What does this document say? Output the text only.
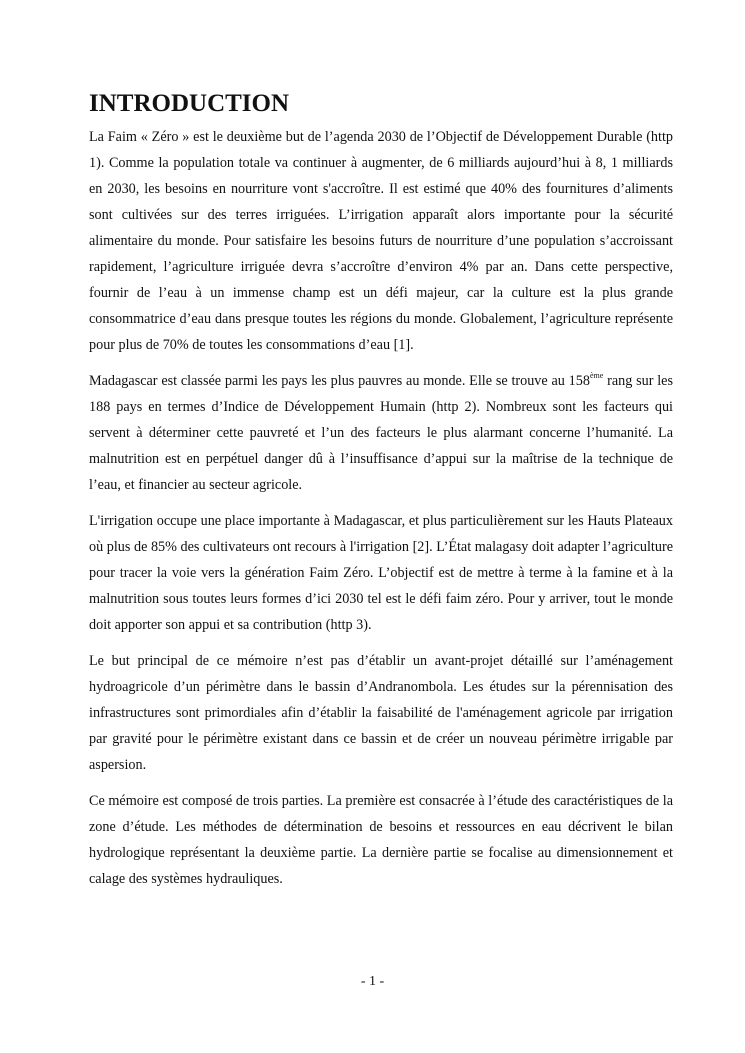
INTRODUCTION

La Faim « Zéro » est le deuxième but de l’agenda 2030 de l’Objectif de Développement Durable (http 1). Comme la population totale va continuer à augmenter, de 6 milliards aujourd’hui à 8, 1 milliards en 2030, les besoins en nourriture vont s'accroître. Il est estimé que 40% des fournitures d’aliments sont cultivées sur des terres irriguées. L’irrigation apparaît alors importante pour la sécurité alimentaire du monde. Pour satisfaire les besoins futurs de nourriture d’une population s’accroissant rapidement, l’agriculture irriguée devra s’accroître d’environ 4% par an. Dans cette perspective, fournir de l’eau à un immense champ est un défi majeur, car la culture est la plus grande consommatrice d’eau dans presque toutes les régions du monde. Globalement, l’agriculture représente pour plus de 70% de toutes les consommations d’eau [1].

Madagascar est classée parmi les pays les plus pauvres au monde. Elle se trouve au 158ème rang sur les 188 pays en termes d’Indice de Développement Humain (http 2). Nombreux sont les facteurs qui servent à déterminer cette pauvreté et l’un des facteurs le plus alarmant concerne l’humanité. La malnutrition est en perpétuel danger dû à l’insuffisance d’appui sur la maîtrise de la technique de l’eau, et financier au secteur agricole.

L'irrigation occupe une place importante à Madagascar, et plus particulièrement sur les Hauts Plateaux où plus de 85% des cultivateurs ont recours à l'irrigation [2]. L’État malagasy doit adapter l’agriculture pour tracer la voie vers la génération Faim Zéro. L’objectif est de mettre à terme à la famine et à la malnutrition sous toutes leurs formes d’ici 2030 tel est le défi faim zéro. Pour y arriver, tout le monde doit apporter son appui et sa contribution (http 3).

Le but principal de ce mémoire n’est pas d’établir un avant-projet détaillé sur l’aménagement hydroagricole d’un périmètre dans le bassin d’Andranombola. Les études sur la pérennisation des infrastructures sont primordiales afin d’établir la faisabilité de l'aménagement agricole par irrigation par gravité pour le périmètre existant dans ce bassin et de créer un nouveau périmètre irrigable par aspersion.

Ce mémoire est composé de trois parties. La première est consacrée à l’étude des caractéristiques de la zone d’étude. Les méthodes de détermination de besoins et ressources en eau décrivent le bilan hydrologique représentant la deuxième partie. La dernière partie se focalise au dimensionnement et calage des systèmes hydrauliques.

- 1 -
